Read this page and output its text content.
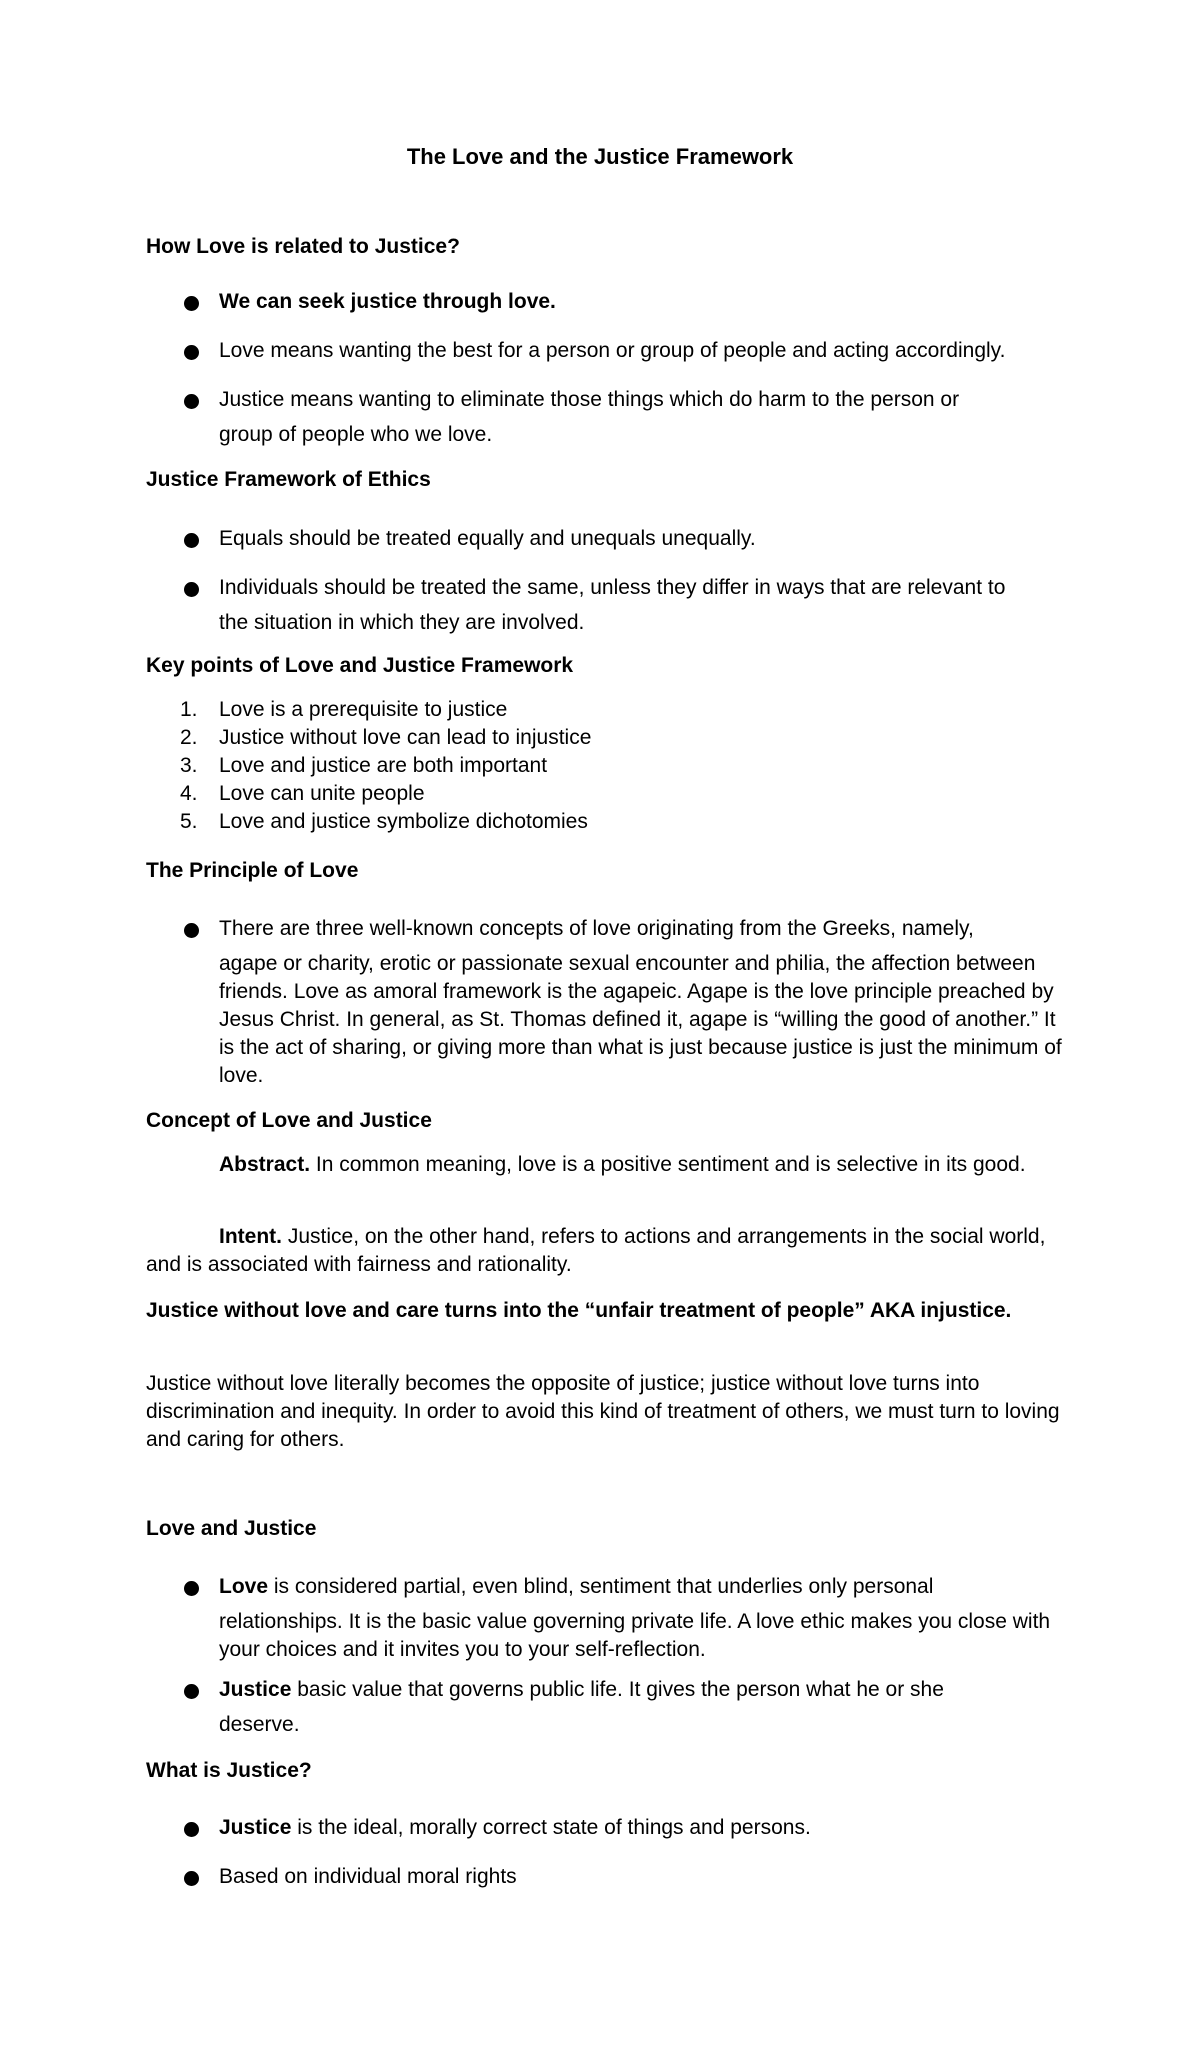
The Love and the Justice Framework
How Love is related to Justice?
We can seek justice through love.
Love means wanting the best for a person or group of people and acting accordingly.
Justice means wanting to eliminate those things which do harm to the person or
group of people who we love.
Justice Framework of Ethics
Equals should be treated equally and unequals unequally.
Individuals should be treated the same, unless they differ in ways that are relevant to
the situation in which they are involved.
Key points of Love and Justice Framework
1.	Love is a prerequisite to justice
2.	Justice without love can lead to injustice
3.	Love and justice are both important
4.	Love can unite people
5.	Love and justice symbolize dichotomies
The Principle of Love
There are three well-known concepts of love originating from the Greeks, namely,
agape or charity, erotic or passionate sexual encounter and philia, the affection between friends. Love as amoral framework is the agapeic. Agape is the love principle preached by Jesus Christ. In general, as St. Thomas defined it, agape is “willing the good of another.” It is the act of sharing, or giving more than what is just because justice is just the minimum of love.
Concept of Love and Justice
Abstract. In common meaning, love is a positive sentiment and is selective in its good.
Intent. Justice, on the other hand, refers to actions and arrangements in the social world, and is associated with fairness and rationality.
Justice without love and care turns into the “unfair treatment of people” AKA injustice.
Justice without love literally becomes the opposite of justice; justice without love turns into discrimination and inequity. In order to avoid this kind of treatment of others, we must turn to loving and caring for others.
Love and Justice
Love is considered partial, even blind, sentiment that underlies only personal
relationships. It is the basic value governing private life. A love ethic makes you close with your choices and it invites you to your self-reflection.
Justice basic value that governs public life. It gives the person what he or she
deserve.
What is Justice?
Justice is the ideal, morally correct state of things and persons.
Based on individual moral rights
